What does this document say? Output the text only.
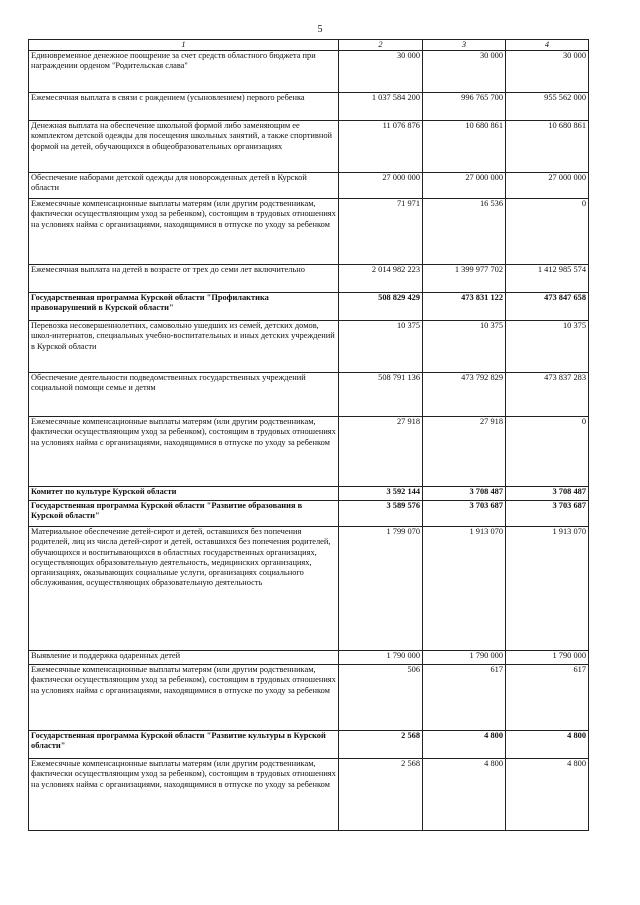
5
1	2	3	4
Единовременное денежное поощрение за счет средств областного бюджета при награждении орденом "Родительская слава"	30 000	30 000	30 000
Ежемесячная выплата в связи с рождением (усыновлением) первого ребенка	1 037 584 200	996 765 700	955 562 000
Денежная выплата на обеспечение школьной формой либо заменяющим ее комплектом детской одежды для посещения школьных занятий, а также спортивной формой на детей, обучающихся в общеобразовательных организациях	11 076 876	10 680 861	10 680 861
Обеспечение наборами детской одежды для новорожденных детей в Курской области	27 000 000	27 000 000	27 000 000
Ежемесячные компенсационные выплаты матерям (или другим родственникам, фактически осуществляющим уход за ребенком), состоящим в трудовых отношениях на условиях найма с организациями, находящимися в отпуске по уходу за ребенком	71 971	16 536	0
Ежемесячная выплата на детей в возрасте от трех до семи лет включительно	2 014 982 223	1 399 977 702	1 412 985 574
Государственная программа Курской области "Профилактика правонарушений в Курской области"	508 829 429	473 831 122	473 847 658
Перевозка несовершеннолетних, самовольно ушедших из семей, детских домов, школ-интернатов, специальных учебно-воспитательных и иных детских учреждений в Курской области	10 375	10 375	10 375
Обеспечение деятельности подведомственных государственных учреждений социальной помощи семье и детям	508 791 136	473 792 829	473 837 283
Ежемесячные компенсационные выплаты матерям (или другим родственникам, фактически осуществляющим уход за ребенком), состоящим в трудовых отношениях на условиях найма с организациями, находящимися в отпуске по уходу за ребенком	27 918	27 918	0
Комитет по культуре Курской области	3 592 144	3 708 487	3 708 487
Государственная программа Курской области "Развитие образования в Курской области"	3 589 576	3 703 687	3 703 687
Материальное обеспечение детей-сирот и детей, оставшихся без попечения родителей, лиц из числа детей-сирот и детей, оставшихся без попечения родителей, обучающихся и воспитывающихся в областных государственных организациях, осуществляющих образовательную деятельность, медицинских организациях, организациях, оказывающих социальные услуги, организациях социального обслуживания, осуществляющих образовательную деятельность	1 799 070	1 913 070	1 913 070
Выявление и поддержка одаренных детей	1 790 000	1 790 000	1 790 000
Ежемесячные компенсационные выплаты матерям (или другим родственникам, фактически осуществляющим уход за ребенком), состоящим в трудовых отношениях на условиях найма с организациями, находящимися в отпуске по уходу за ребенком	506	617	617
Государственная программа Курской области "Развитие культуры в Курской области"	2 568	4 800	4 800
Ежемесячные компенсационные выплаты матерям (или другим родственникам, фактически осуществляющим уход за ребенком), состоящим в трудовых отношениях на условиях найма с организациями, находящимися в отпуске по уходу за ребенком	2 568	4 800	4 800
